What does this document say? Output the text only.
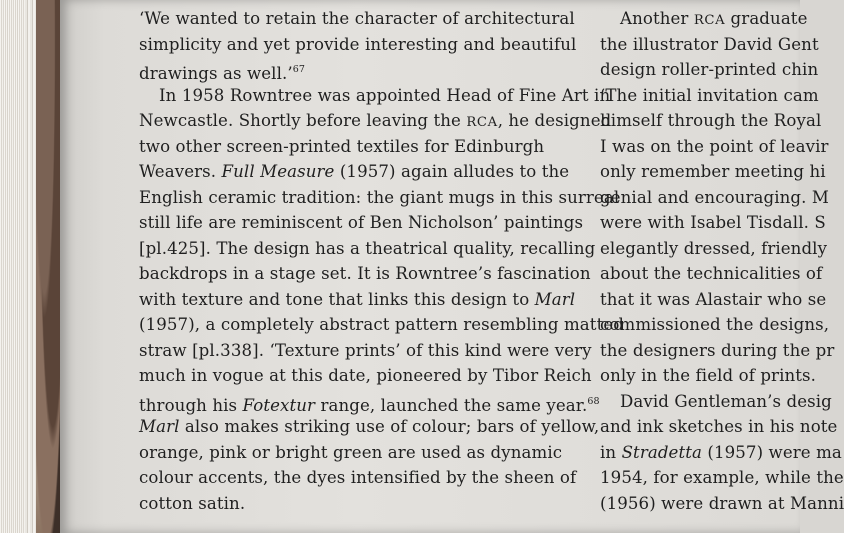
‘We wanted to retain the character of architectural
simplicity and yet provide interesting and beautiful
drawings as well.’$^{67}$
In 1958 Rowntree was appointed Head of Fine Art in
Newcastle. Shortly before leaving the RCA, he designed
two other screen-printed textiles for Edinburgh
Weavers. Full Measure (1957) again alludes to the
English ceramic tradition: the giant mugs in this surreal
still life are reminiscent of Ben Nicholson’ paintings
[pl.425]. The design has a theatrical quality, recalling
backdrops in a stage set. It is Rowntree’s fascination
with texture and tone that links this design to Marl
(1957), a completely abstract pattern resembling matted
straw [pl.338]. ‘Texture prints’ of this kind were very
much in vogue at this date, pioneered by Tibor Reich
through his Fotextur range, launched the same year.$^{68}$
Marl also makes striking use of colour; bars of yellow,
orange, pink or bright green are used as dynamic
colour accents, the dyes intensified by the sheen of
cotton satin.
Another RCA graduate
the illustrator David Gent
design roller-printed chin
‘The initial invitation cam
himself through the Royal
I was on the point of leavir
only remember meeting hi
genial and encouraging. M
were with Isabel Tisdall. S
elegantly dressed, friendly
about the technicalities of
that it was Alastair who se
commissioned the designs,
the designers during the pr
only in the field of prints.
David Gentleman’s desig
and ink sketches in his note
in Stradetta (1957) were ma
1954, for example, while the
(1956) were drawn at Manni
